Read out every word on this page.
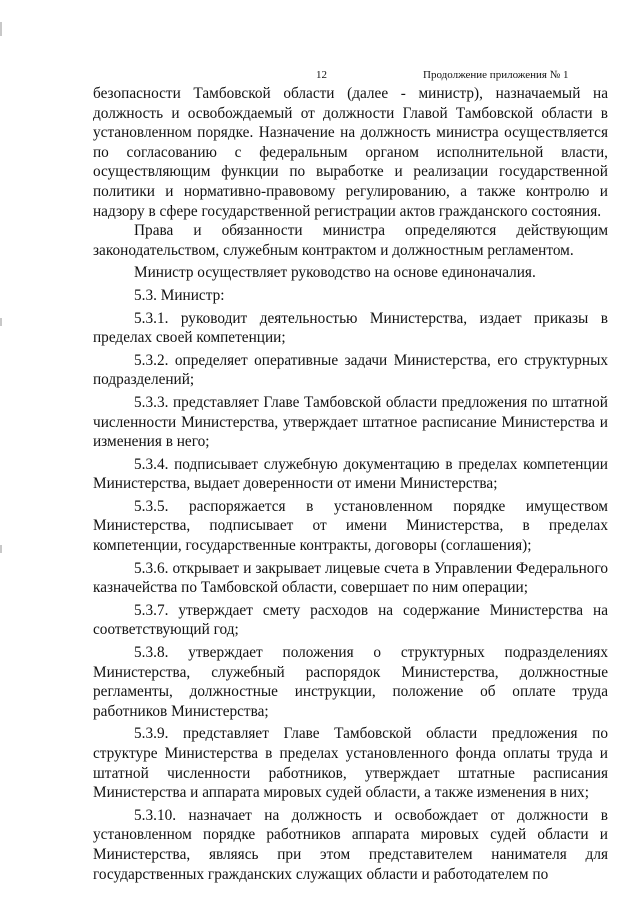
12	Продолжение приложения № 1

безопасности Тамбовской области (далее - министр), назначаемый на должность и освобождаемый от должности Главой Тамбовской области в установленном порядке. Назначение на должность министра осуществляется по согласованию с федеральным органом исполнительной власти, осуществляющим функции по выработке и реализации государственной политики и нормативно-правовому регулированию, а также контролю и надзору в сфере государственной регистрации актов гражданского состояния.

Права и обязанности министра определяются действующим законодательством, служебным контрактом и должностным регламентом.

Министр осуществляет руководство на основе единоначалия.

5.3. Министр:

5.3.1. руководит деятельностью Министерства, издает приказы в пределах своей компетенции;

5.3.2. определяет оперативные задачи Министерства, его структурных подразделений;

5.3.3. представляет Главе Тамбовской области предложения по штатной численности Министерства, утверждает штатное расписание Министерства и изменения в него;

5.3.4. подписывает служебную документацию в пределах компетенции Министерства, выдает доверенности от имени Министерства;

5.3.5. распоряжается в установленном порядке имуществом Министерства, подписывает от имени Министерства, в пределах компетенции, государственные контракты, договоры (соглашения);

5.3.6. открывает и закрывает лицевые счета в Управлении Федерального казначейства по Тамбовской области, совершает по ним операции;

5.3.7. утверждает смету расходов на содержание Министерства на соответствующий год;

5.3.8. утверждает положения о структурных подразделениях Министерства, служебный распорядок Министерства, должностные регламенты, должностные инструкции, положение об оплате труда работников Министерства;

5.3.9. представляет Главе Тамбовской области предложения по структуре Министерства в пределах установленного фонда оплаты труда и штатной численности работников, утверждает штатные расписания Министерства и аппарата мировых судей области, а также изменения в них;

5.3.10. назначает на должность и освобождает от должности в установленном порядке работников аппарата мировых судей области и Министерства, являясь при этом представителем нанимателя для государственных гражданских служащих области и работодателем по
